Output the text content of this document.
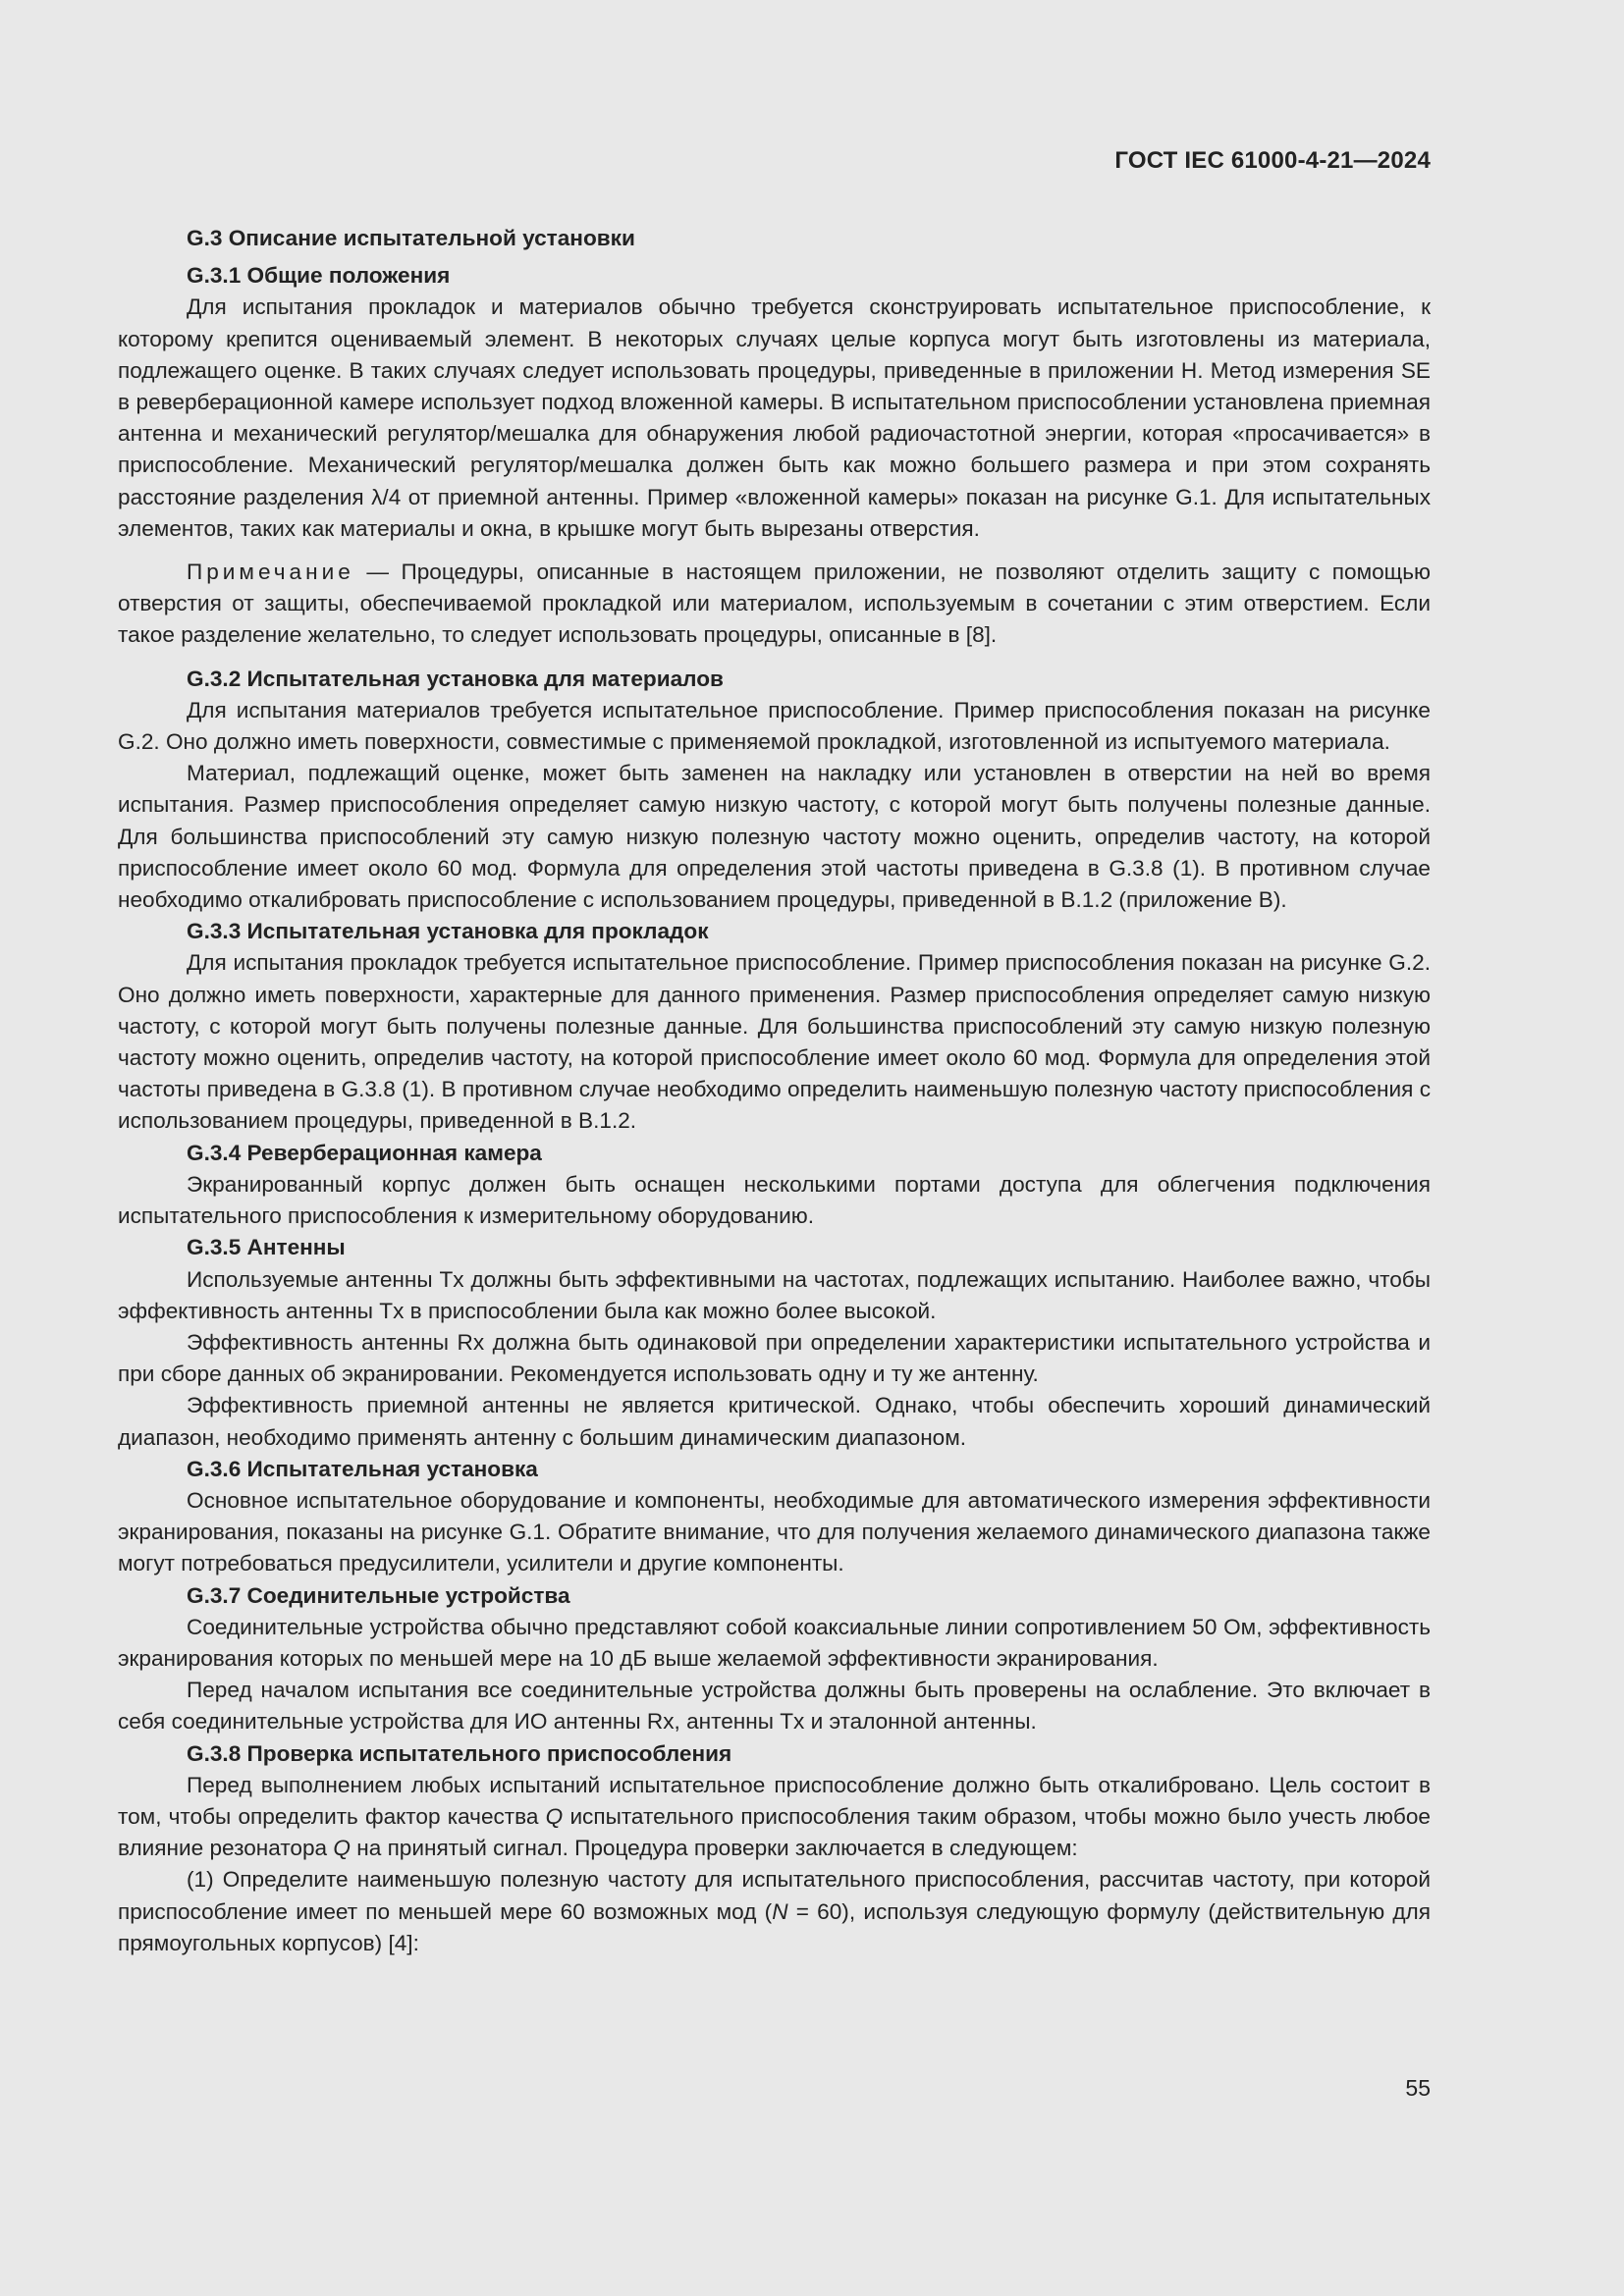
ГОСТ IEC 61000-4-21—2024
G.3 Описание испытательной установки
G.3.1 Общие положения
Для испытания прокладок и материалов обычно требуется сконструировать испытательное приспособление, к которому крепится оцениваемый элемент. В некоторых случаях целые корпуса могут быть изготовлены из материала, подлежащего оценке. В таких случаях следует использовать процедуры, приведенные в приложении H. Метод измерения SE в реверберационной камере использует подход вложенной камеры. В испытательном приспособлении установлена приемная антенна и механический регулятор/мешалка для обнаружения любой радиочастотной энергии, которая «просачивается» в приспособление. Механический регулятор/мешалка должен быть как можно большего размера и при этом сохранять расстояние разделения λ/4 от приемной антенны. Пример «вложенной камеры» показан на рисунке G.1. Для испытательных элементов, таких как материалы и окна, в крышке могут быть вырезаны отверстия.
Примечание — Процедуры, описанные в настоящем приложении, не позволяют отделить защиту с помощью отверстия от защиты, обеспечиваемой прокладкой или материалом, используемым в сочетании с этим отверстием. Если такое разделение желательно, то следует использовать процедуры, описанные в [8].
G.3.2 Испытательная установка для материалов
Для испытания материалов требуется испытательное приспособление. Пример приспособления показан на рисунке G.2. Оно должно иметь поверхности, совместимые с применяемой прокладкой, изготовленной из испытуемого материала.
Материал, подлежащий оценке, может быть заменен на накладку или установлен в отверстии на ней во время испытания. Размер приспособления определяет самую низкую частоту, с которой могут быть получены полезные данные. Для большинства приспособлений эту самую низкую полезную частоту можно оценить, определив частоту, на которой приспособление имеет около 60 мод. Формула для определения этой частоты приведена в G.3.8 (1). В противном случае необходимо откалибровать приспособление с использованием процедуры, приведенной в B.1.2 (приложение B).
G.3.3 Испытательная установка для прокладок
Для испытания прокладок требуется испытательное приспособление. Пример приспособления показан на рисунке G.2. Оно должно иметь поверхности, характерные для данного применения. Размер приспособления определяет самую низкую частоту, с которой могут быть получены полезные данные. Для большинства приспособлений эту самую низкую полезную частоту можно оценить, определив частоту, на которой приспособление имеет около 60 мод. Формула для определения этой частоты приведена в G.3.8 (1). В противном случае необходимо определить наименьшую полезную частоту приспособления с использованием процедуры, приведенной в B.1.2.
G.3.4 Реверберационная камера
Экранированный корпус должен быть оснащен несколькими портами доступа для облегчения подключения испытательного приспособления к измерительному оборудованию.
G.3.5 Антенны
Используемые антенны Tx должны быть эффективными на частотах, подлежащих испытанию. Наиболее важно, чтобы эффективность антенны Tx в приспособлении была как можно более высокой.
Эффективность антенны Rx должна быть одинаковой при определении характеристики испытательного устройства и при сборе данных об экранировании. Рекомендуется использовать одну и ту же антенну.
Эффективность приемной антенны не является критической. Однако, чтобы обеспечить хороший динамический диапазон, необходимо применять антенну с большим динамическим диапазоном.
G.3.6 Испытательная установка
Основное испытательное оборудование и компоненты, необходимые для автоматического измерения эффективности экранирования, показаны на рисунке G.1. Обратите внимание, что для получения желаемого динамического диапазона также могут потребоваться предусилители, усилители и другие компоненты.
G.3.7 Соединительные устройства
Соединительные устройства обычно представляют собой коаксиальные линии сопротивлением 50 Ом, эффективность экранирования которых по меньшей мере на 10 дБ выше желаемой эффективности экранирования.
Перед началом испытания все соединительные устройства должны быть проверены на ослабление. Это включает в себя соединительные устройства для ИО антенны Rx, антенны Tx и эталонной антенны.
G.3.8 Проверка испытательного приспособления
Перед выполнением любых испытаний испытательное приспособление должно быть откалибровано. Цель состоит в том, чтобы определить фактор качества Q испытательного приспособления таким образом, чтобы можно было учесть любое влияние резонатора Q на принятый сигнал. Процедура проверки заключается в следующем:
(1) Определите наименьшую полезную частоту для испытательного приспособления, рассчитав частоту, при которой приспособление имеет по меньшей мере 60 возможных мод (N = 60), используя следующую формулу (действительную для прямоугольных корпусов) [4]:
55
